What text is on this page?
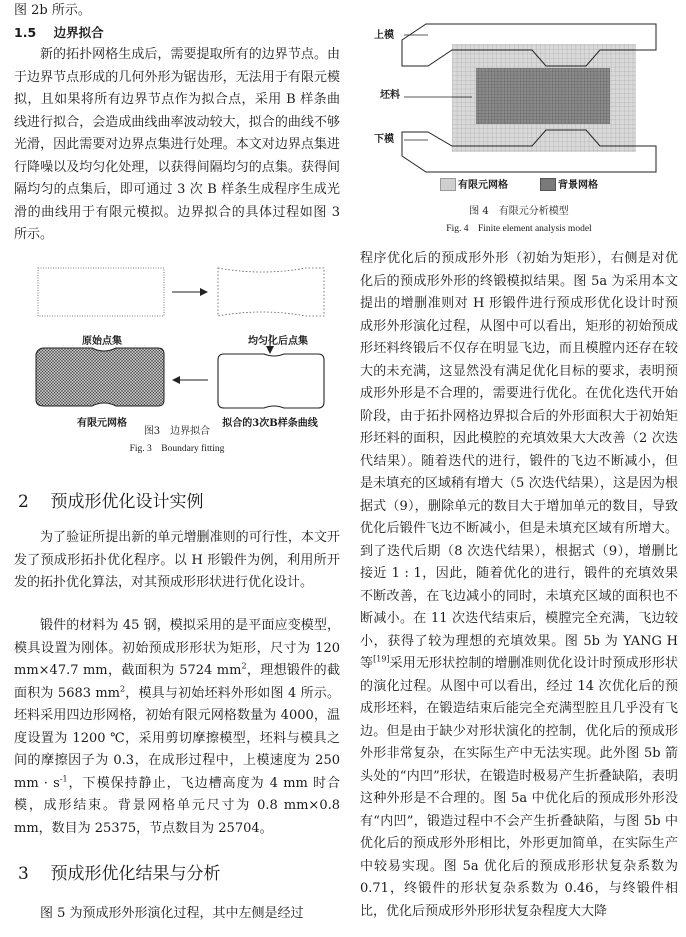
图 2b 所示。

1.5 边界拟合

新的拓扑网格生成后，需要提取所有的边界节点。由于边界节点形成的几何外形为锯齿形，无法用于有限元模拟，且如果将所有边界节点作为拟合点，采用 B 样条曲线进行拟合，会造成曲线曲率波动较大，拟合的曲线不够光滑，因此需要对边界点集进行处理。本文对边界点集进行降噪以及均匀化处理，以获得间隔均匀的点集。获得间隔均匀的点集后，即可通过 3 次 B 样条生成程序生成光滑的曲线用于有限元模拟。边界拟合的具体过程如图 3 所示。

原始点集	均匀化后点集
有限元网格	拟合的3次B样条曲线

图3　边界拟合

Fig. 3　Boundary fitting

2 预成形优化设计实例

为了验证所提出新的单元增删准则的可行性，本文开发了预成形拓扑优化程序。以 H 形锻件为例，利用所开发的拓扑优化算法，对其预成形形状进行优化设计。

锻件的材料为 45 钢，模拟采用的是平面应变模型，模具设置为刚体。初始预成形形状为矩形，尺寸为 120 mm×47.7 mm，截面积为 5724 $mm^2$，理想锻件的截面积为 5683 $mm^2$，模具与初始坯料外形如图 4 所示。坯料采用四边形网格，初始有限元网格数量为 4000，温度设置为 1200 ℃，采用剪切摩擦模型，坯料与模具之间的摩擦因子为 0.3，在成形过程中，上模速度为 250 mm · $s^{-1}$，下模保持静止，飞边槽高度为 4 mm 时合模，成形结束。背景网格单元尺寸为 0.8 mm×0.8 mm，数目为 25375，节点数目为 25704。

3 预成形优化结果与分析

图 5 为预成形外形演化过程，其中左侧是经过

上模
坯料
下模
有限元网格	背景网格

图 4　有限元分析模型

Fig. 4　Finite element analysis model

程序优化后的预成形外形（初始为矩形），右侧是对优化后的预成形外形的终锻模拟结果。图 5a 为采用本文提出的增删准则对 H 形锻件进行预成形优化设计时预成形外形演化过程，从图中可以看出，矩形的初始预成形坯料终锻后不仅存在明显飞边，而且模膛内还存在较大的未充满，这显然没有满足优化目标的要求，表明预成形外形是不合理的，需要进行优化。在优化迭代开始阶段，由于拓扑网格边界拟合后的外形面积大于初始矩形坯料的面积，因此模腔的充填效果大大改善（2 次迭代结果）。随着迭代的进行，锻件的飞边不断减小，但是未填充的区域稍有增大（5 次迭代结果），这是因为根据式（9），删除单元的数目大于增加单元的数目，导致优化后锻件飞边不断减小，但是未填充区域有所增大。到了迭代后期（8 次迭代结果），根据式（9），增删比接近 1 : 1，因此，随着优化的进行，锻件的充填效果不断改善，在飞边减小的同时，未填充区域的面积也不断减小。在 11 次迭代结束后，模膛完全充满，飞边较小，获得了较为理想的充填效果。图 5b 为 YANG H 等[19]采用无形状控制的增删准则优化设计时预成形形状的演化过程。从图中可以看出，经过 14 次优化后的预成形坯料，在锻造结束后能完全充满型腔且几乎没有飞边。但是由于缺少对形状演化的控制，优化后的预成形外形非常复杂，在实际生产中无法实现。此外图 5b 箭头处的“内凹”形状，在锻造时极易产生折叠缺陷，表明这种外形是不合理的。图 5a 中优化后的预成形外形没有“内凹”，锻造过程中不会产生折叠缺陷，与图 5b 中优化后的预成形外形相比，外形更加简单，在实际生产中较易实现。图 5a 优化后的预成形形状复杂系数为 0.71，终锻件的形状复杂系数为 0.46，与终锻件相比，优化后预成形外形形状复杂程度大大降
